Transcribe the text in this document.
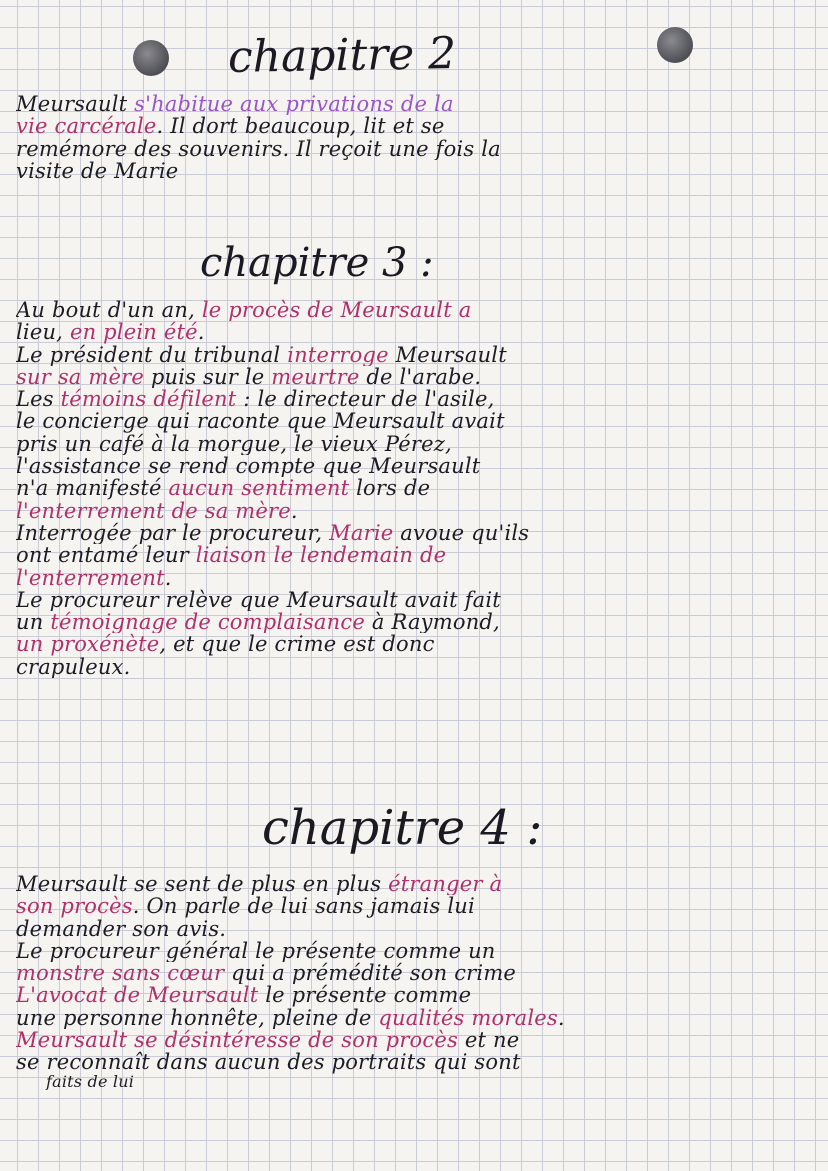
chapitre 2
Meursault s'habitue aux privations de la
vie carcérale. Il dort beaucoup, lit et se
remémore des souvenirs. Il reçoit une fois la
visite de Marie
chapitre 3 :
Au bout d'un an, le procès de Meursault a
lieu, en plein été.
Le président du tribunal interroge Meursault
sur sa mère puis sur le meurtre de l'arabe.
Les témoins défilent : le directeur de l'asile,
le concierge qui raconte que Meursault avait
pris un café à la morgue, le vieux Pérez,
l'assistance se rend compte que Meursault
n'a manifesté aucun sentiment lors de
l'enterrement de sa mère.
Interrogée par le procureur, Marie avoue qu'ils
ont entamé leur liaison le lendemain de
l'enterrement.
Le procureur relève que Meursault avait fait
un témoignage de complaisance à Raymond,
un proxénète, et que le crime est donc
crapuleux.
chapitre 4 :
Meursault se sent de plus en plus étranger à
son procès. On parle de lui sans jamais lui
demander son avis.
Le procureur général le présente comme un
monstre sans cœur qui a prémédité son crime
L'avocat de Meursault le présente comme
une personne honnête, pleine de qualités morales.
Meursault se désintéresse de son procès et ne
se reconnaît dans aucun des portraits qui sont
faits de lui
